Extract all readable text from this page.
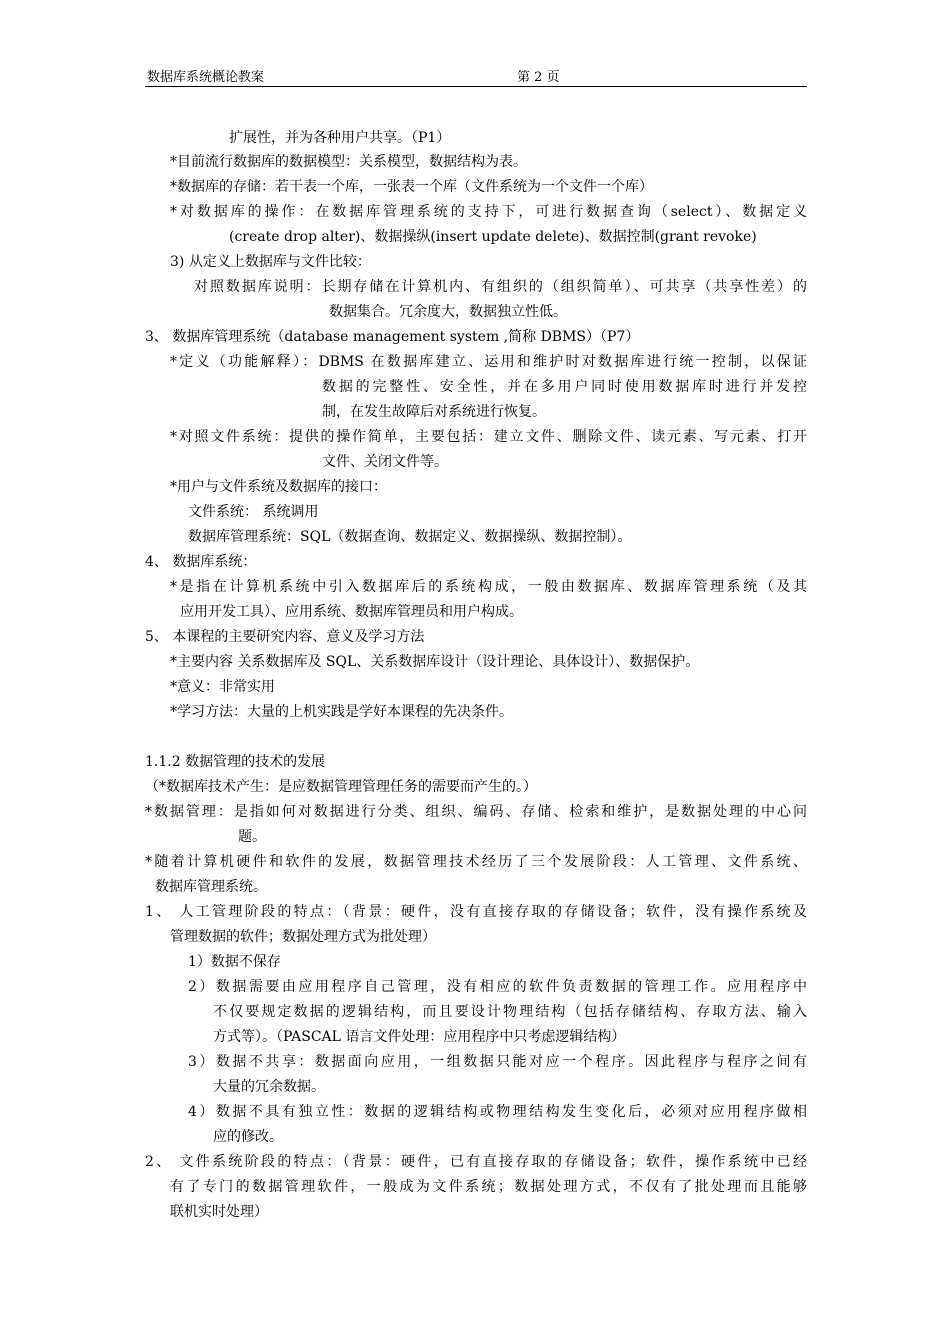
数据库系统概论教案	第 2 页
扩展性，并为各种用户共享。（P1）
*目前流行数据库的数据模型：关系模型，数据结构为表。
*数据库的存储：若干表一个库，一张表一个库（文件系统为一个文件一个库）
*对数据库的操作：在数据库管理系统的支持下，可进行数据查询（select）、数据定义
(create drop alter)、数据操纵(insert update delete)、数据控制(grant revoke)
3) 从定义上数据库与文件比较：
对照数据库说明：长期存储在计算机内、有组织的（组织简单）、可共享（共享性差）的
数据集合。冗余度大，数据独立性低。
3、 数据库管理系统（database management system ,简称 DBMS）（P7）
*定义（功能解释）：DBMS 在数据库建立、运用和维护时对数据库进行统一控制，以保证
数据的完整性、安全性，并在多用户同时使用数据库时进行并发控
制，在发生故障后对系统进行恢复。
*对照文件系统：提供的操作简单，主要包括：建立文件、删除文件、读元素、写元素、打开
文件、关闭文件等。
*用户与文件系统及数据库的接口：
文件系统： 系统调用
数据库管理系统：SQL（数据查询、数据定义、数据操纵、数据控制）。
4、 数据库系统：
*是指在计算机系统中引入数据库后的系统构成，一般由数据库、数据库管理系统（及其
应用开发工具）、应用系统、数据库管理员和用户构成。
5、 本课程的主要研究内容、意义及学习方法
*主要内容 关系数据库及 SQL、关系数据库设计（设计理论、具体设计）、数据保护。
*意义：非常实用
*学习方法：大量的上机实践是学好本课程的先决条件。
1.1.2 数据管理的技术的发展
（*数据库技术产生：是应数据管理管理任务的需要而产生的。）
*数据管理：是指如何对数据进行分类、组织、编码、存储、检索和维护，是数据处理的中心问
题。
*随着计算机硬件和软件的发展，数据管理技术经历了三个发展阶段：人工管理、文件系统、
数据库管理系统。
1、 人工管理阶段的特点：（背景：硬件，没有直接存取的存储设备；软件，没有操作系统及
管理数据的软件；数据处理方式为批处理）
1）数据不保存
2）数据需要由应用程序自己管理，没有相应的软件负责数据的管理工作。应用程序中
不仅要规定数据的逻辑结构，而且要设计物理结构（包括存储结构、存取方法、输入
方式等）。（PASCAL 语言文件处理：应用程序中只考虑逻辑结构）
3）数据不共享：数据面向应用，一组数据只能对应一个程序。因此程序与程序之间有
大量的冗余数据。
4）数据不具有独立性：数据的逻辑结构或物理结构发生变化后，必须对应用程序做相
应的修改。
2、 文件系统阶段的特点：（背景：硬件，已有直接存取的存储设备；软件，操作系统中已经
有了专门的数据管理软件，一般成为文件系统；数据处理方式，不仅有了批处理而且能够
联机实时处理）
